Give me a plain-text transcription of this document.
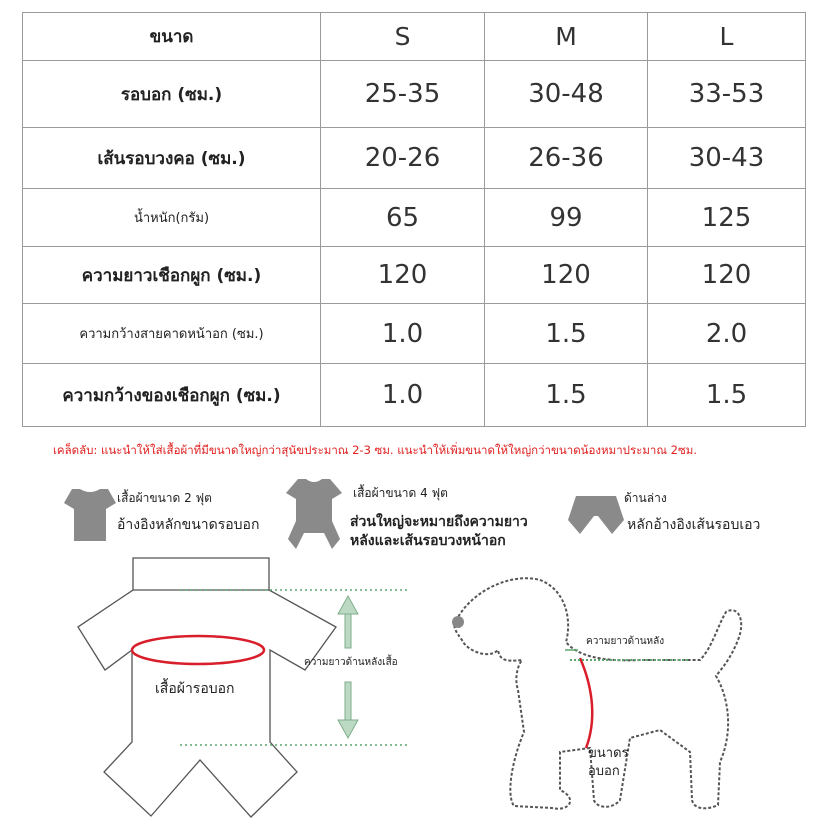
ขนาด	S	M	L
รอบอก (ซม.)	25-35	30-48	33-53
เส้นรอบวงคอ (ซม.)	20-26	26-36	30-43
น้ำหนัก(กรัม)	65	99	125
ความยาวเชือกผูก (ซม.)	120	120	120
ความกว้างสายคาดหน้าอก (ซม.)	1.0	1.5	2.0
ความกว้างของเชือกผูก (ซม.)	1.0	1.5	1.5

เคล็ดลับ: แนะนำให้ใส่เสื้อผ้าที่มีขนาดใหญ่กว่าสุนัขประมาณ 2-3 ซม. แนะนำให้เพิ่มขนาดให้ใหญ่กว่าขนาดน้องหมาประมาณ 2ซม.

เสื้อผ้าขนาด 2 ฟุต

อ้างอิงหลักขนาดรอบอก

เสื้อผ้าขนาด 4 ฟุต

ส่วนใหญ่จะหมายถึงความยาว

หลังและเส้นรอบวงหน้าอก

ด้านล่าง

หลักอ้างอิงเส้นรอบเอว

เสื้อผ้ารอบอก

ความยาวด้านหลังเสื้อ

ความยาวด้านหลัง

ขนาดร

อบอก
